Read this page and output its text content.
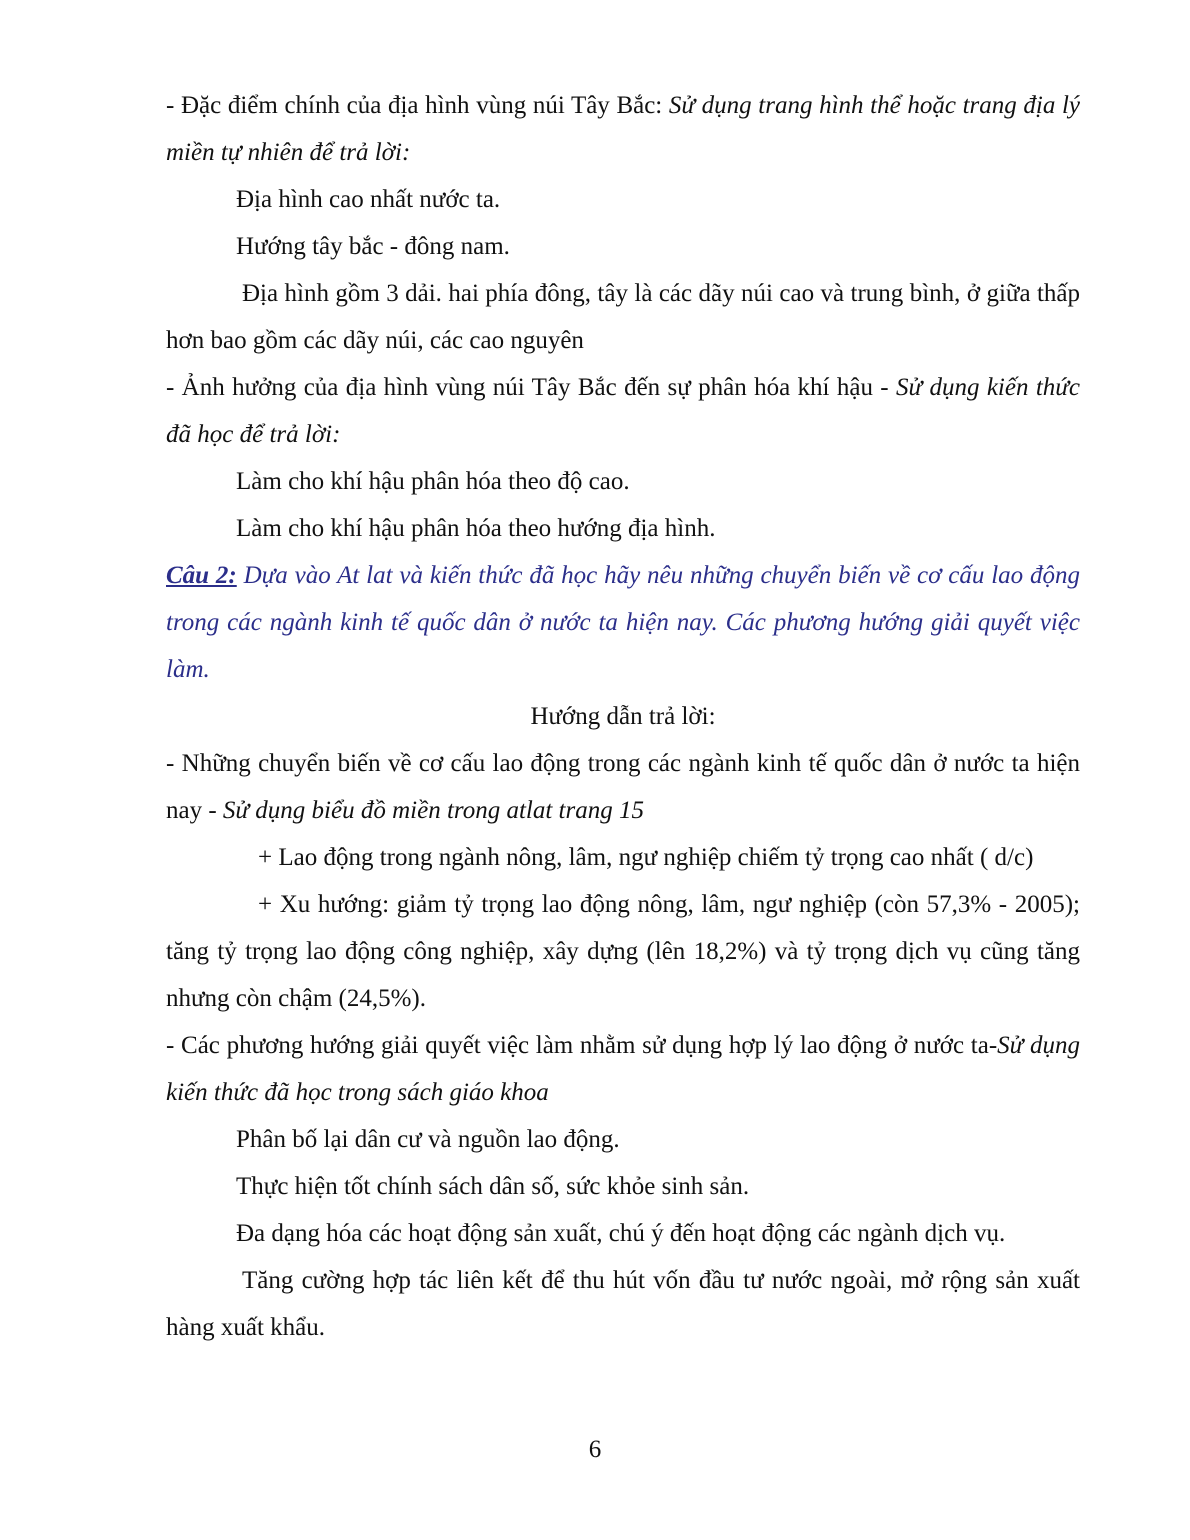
- Đặc điểm chính của địa hình vùng núi Tây Bắc: Sử dụng trang hình thể hoặc trang địa lý miền tự nhiên để trả lời:

Địa hình cao nhất nước ta.

Hướng tây bắc - đông nam.

Địa hình gồm 3 dải. hai phía đông, tây là các dãy núi cao và trung bình, ở giữa thấp hơn bao gồm các dãy núi, các cao nguyên

- Ảnh hưởng của địa hình vùng núi Tây Bắc đến sự phân hóa khí hậu - Sử dụng kiến thức đã học để trả lời:

Làm cho khí hậu phân hóa theo độ cao.

Làm cho khí hậu phân hóa theo hướng địa hình.

Câu 2: Dựa vào At lat và kiến thức đã học hãy nêu những chuyển biến về cơ cấu lao động trong các ngành kinh tế quốc dân ở nước ta hiện nay. Các phương hướng giải quyết việc làm.

Hướng dẫn trả lời:

- Những chuyển biến về cơ cấu lao động trong các ngành kinh tế quốc dân ở nước ta hiện nay - Sử dụng biểu đồ miền trong atlat trang 15

+ Lao động trong ngành nông, lâm, ngư nghiệp chiếm tỷ trọng cao nhất ( d/c)

+ Xu hướng: giảm tỷ trọng lao động nông, lâm, ngư nghiệp (còn 57,3% - 2005); tăng tỷ trọng lao động công nghiệp, xây dựng (lên 18,2%) và tỷ trọng dịch vụ cũng tăng nhưng còn chậm (24,5%).

- Các phương hướng giải quyết việc làm nhằm sử dụng hợp lý lao động ở nước ta-Sử dụng kiến thức đã học trong sách giáo khoa

Phân bố lại dân cư và nguồn lao động.

Thực hiện tốt chính sách dân số, sức khỏe sinh sản.

Đa dạng hóa các hoạt động sản xuất, chú ý đến hoạt động các ngành dịch vụ.

Tăng cường hợp tác liên kết để thu hút vốn đầu tư nước ngoài, mở rộng sản xuất hàng xuất khẩu.

6
